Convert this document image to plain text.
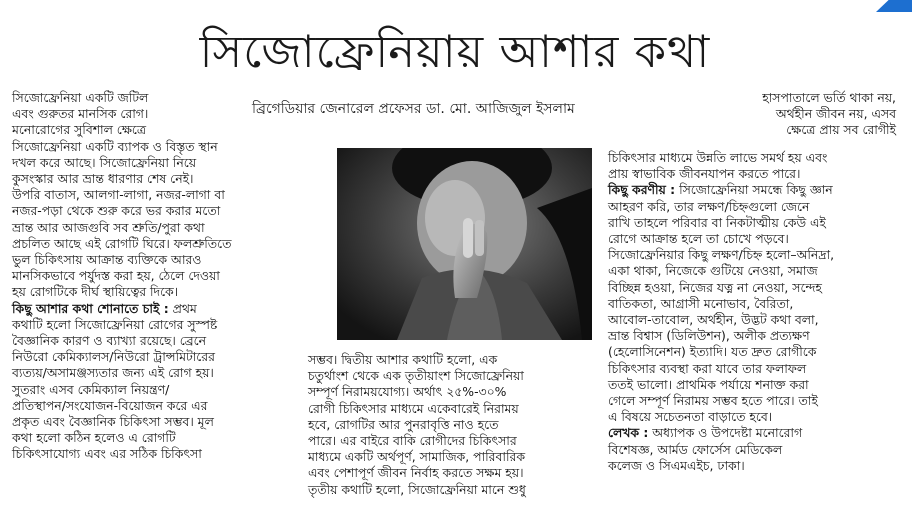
সিজোফ্রেনিয়ায় আশার কথা
ব্রিগেডিয়ার জেনারেল প্রফেসর ডা. মো. আজিজুল ইসলাম

সিজোফ্রেনিয়া একটি জটিল
এবং গুরুতর মানসিক রোগ।
মনোরোগের সুবিশাল ক্ষেত্রে
সিজোফ্রেনিয়া একটি ব্যাপক ও বিস্তৃত স্থান
দখল করে আছে। সিজোফ্রেনিয়া নিয়ে
কুসংস্কার আর ভ্রান্ত ধারণার শেষ নেই।
উপরি বাতাস, আলগা-লাগা, নজর-লাগা বা
নজর-পড়া থেকে শুরু করে ভর করার মতো
ভ্রান্ত আর আজগুবি সব শ্রুতি/পুরা কথা
প্রচলিত আছে এই রোগটি ঘিরে। ফলশ্রুতিতে
ভুল চিকিৎসায় আক্রান্ত ব্যক্তিকে আরও
মানসিকভাবে পর্যুদস্ত করা হয়, ঠেলে দেওয়া
হয় রোগটিকে দীর্ঘ স্থায়িত্বের দিকে।

কিছু আশার কথা শোনাতে চাই : প্রথম
কথাটি হলো সিজোফ্রেনিয়া রোগের সুস্পষ্ট
বৈজ্ঞানিক কারণ ও ব্যাখ্যা রয়েছে। ব্রেনে
নিউরো কেমিক্যালস/নিউরো ট্রান্সমিটারের
ব্যত্যয়/অসামঞ্জস্যতার জন্য এই রোগ হয়।
সুতরাং এসব কেমিক্যাল নিয়ন্ত্রণ/
প্রতিস্থাপন/সংযোজন-বিয়োজন করে এর
প্রকৃত এবং বৈজ্ঞানিক চিকিৎসা সম্ভব। মূল
কথা হলো কঠিন হলেও এ রোগটি
চিকিৎসাযোগ্য এবং এর সঠিক চিকিৎসা

সম্ভব। দ্বিতীয় আশার কথাটি হলো, এক
চতুর্থাংশ থেকে এক তৃতীয়াংশ সিজোফ্রেনিয়া
সম্পূর্ণ নিরাময়যোগ্য। অর্থাৎ ২৫%-৩০%
রোগী চিকিৎসার মাধ্যমে একেবারেই নিরাময়
হবে, রোগটির আর পুনরাবৃত্তি নাও হতে
পারে। এর বাইরে বাকি রোগীদের চিকিৎসার
মাধ্যমে একটি অর্থপূর্ণ, সামাজিক, পারিবারিক
এবং পেশাপূর্ণ জীবন নির্বাহ করতে সক্ষম হয়।
তৃতীয় কথাটি হলো, সিজোফ্রেনিয়া মানে শুধু

হাসপাতালে ভর্তি থাকা নয়,
অর্থহীন জীবন নয়, এসব
ক্ষেত্রে প্রায় সব রোগীই

চিকিৎসার মাধ্যমে উন্নতি লাভে সমর্থ হয় এবং
প্রায় স্বাভাবিক জীবনযাপন করতে পারে।

কিছু করণীয় : সিজোফ্রেনিয়া সমন্ধে কিছু জ্ঞান
আহরণ করি, তার লক্ষণ/চিহ্নগুলো জেনে
রাখি তাহলে পরিবার বা নিকটাত্মীয় কেউ এই
রোগে আক্রান্ত হলে তা চোখে পড়বে।
সিজোফ্রেনিয়ার কিছু লক্ষণ/চিহ্ন হলো–অনিদ্রা,
একা থাকা, নিজেকে গুটিয়ে নেওয়া, সমাজ
বিচ্ছিন্ন হওয়া, নিজের যত্ন না নেওয়া, সন্দেহ
বাতিকতা, আগ্রাসী মনোভাব, বৈরিতা,
আবোল-তাবোল, অর্থহীন, উদ্ভট কথা বলা,
ভ্রান্ত বিশ্বাস (ডিলিউশন), অলীক প্রত্যক্ষণ
(হেলোসিনেশন) ইত্যাদি। যত দ্রুত রোগীকে
চিকিৎসার ব্যবস্থা করা যাবে তার ফলাফল
ততই ভালো। প্রাথমিক পর্যায়ে শনাক্ত করা
গেলে সম্পূর্ণ নিরাময় সম্ভব হতে পারে। তাই
এ বিষয়ে সচেতনতা বাড়াতে হবে।

লেখক : অধ্যাপক ও উপদেষ্টা মনোরোগ
বিশেষজ্ঞ, আর্মড ফোর্সেস মেডিকেল
কলেজ ও সিএমএইচ, ঢাকা।
